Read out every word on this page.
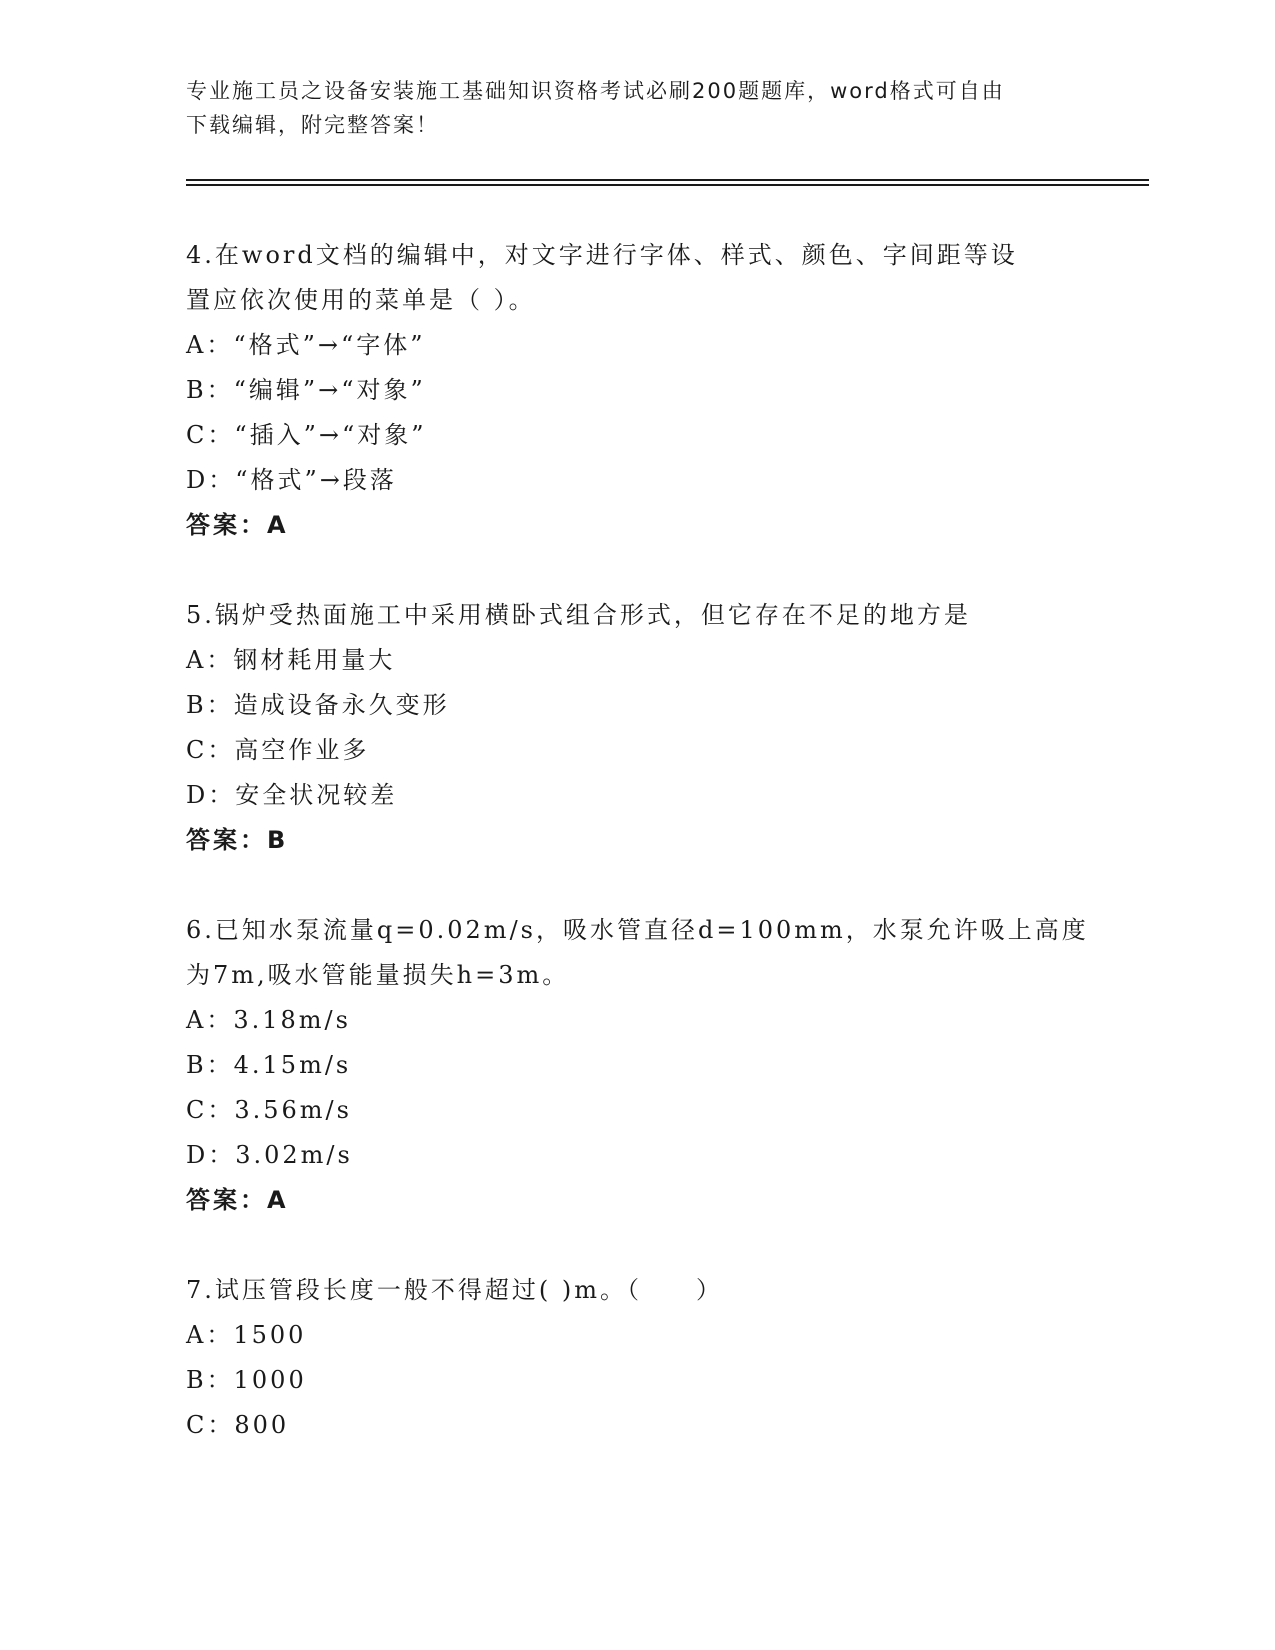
专业施工员之设备安装施工基础知识资格考试必刷200题题库，word格式可自由

下载编辑，附完整答案！

4.在word文档的编辑中，对文字进行字体、样式、颜色、字间距等设
置应依次使用的菜单是（ ）。
A：“格式”→“字体”
B：“编辑”→“对象”
C：“插入”→“对象”
D：“格式”→段落
答案：A
5.锅炉受热面施工中采用横卧式组合形式，但它存在不足的地方是
A：钢材耗用量大
B：造成设备永久变形
C：高空作业多
D：安全状况较差
答案：B
6.已知水泵流量q=0.02m/s，吸水管直径d=100mm，水泵允许吸上高度
为7m,吸水管能量损失h=3m。
A：3.18m/s
B：4.15m/s
C：3.56m/s
D：3.02m/s
答案：A
7.试压管段长度一般不得超过( )m。（　　）
A：1500
B：1000
C：800
